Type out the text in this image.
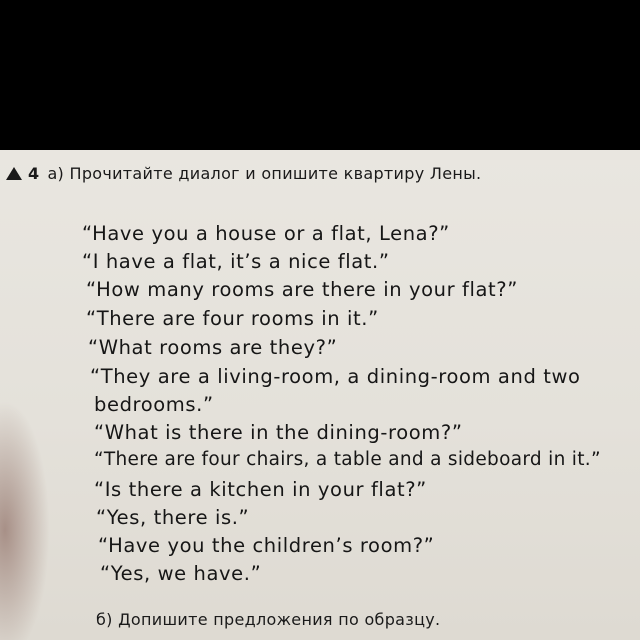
4 а) Прочитайте диалог и опишите квартиру Лены.
“Have you a house or a flat, Lena?”
“I have a flat, it’s a nice flat.”
“How many rooms are there in your flat?”
“There are four rooms in it.”
“What rooms are they?”
“They are a living-room, a dining-room and two
bedrooms.”
“What is there in the dining-room?”
“There are four chairs, a table and a sideboard in it.”
“Is there a kitchen in your flat?”
“Yes, there is.”
“Have you the children’s room?”
“Yes, we have.”
б) Допишите предложения по образцу.
